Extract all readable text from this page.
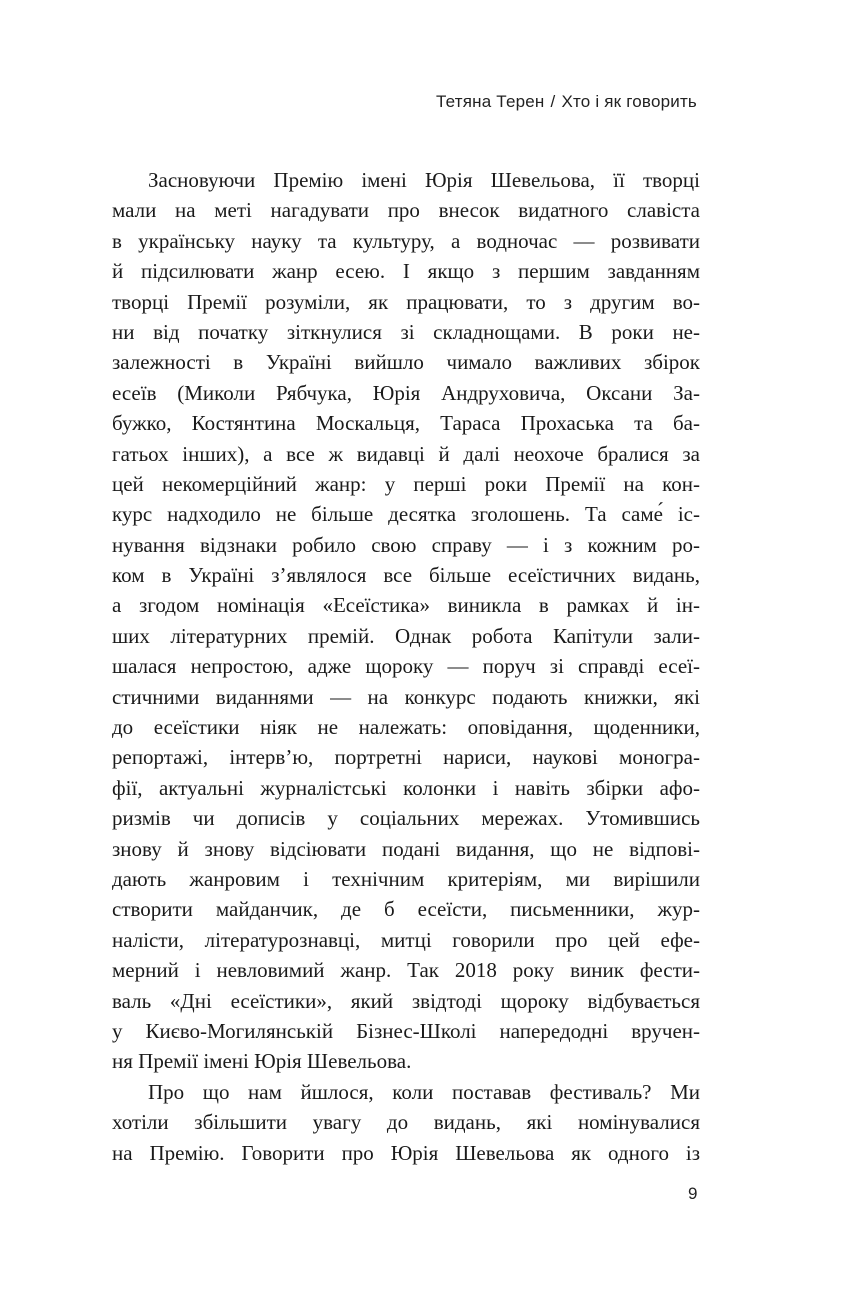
Тетяна Терен / Хто і як говорить
Засновуючи Премію імені Юрія Шевельова, її творці
мали на меті нагадувати про внесок видатного славіста
в українську науку та культуру, а водночас — розвивати
й підсилювати жанр есею. І якщо з першим завданням
творці Премії розуміли, як працювати, то з другим во-
ни від початку зіткнулися зі складнощами. В роки не-
залежності в Україні вийшло чимало важливих збірок
есеїв (Миколи Рябчука, Юрія Андруховича, Оксани За-
бужко, Костянтина Москальця, Тараса Прохаська та ба-
гатьох інших), а все ж видавці й далі неохоче бралися за
цей некомерційний жанр: у перші роки Премії на кон-
курс надходило не більше десятка зголошень. Та саме́ іс-
нування відзнаки робило свою справу — і з кожним ро-
ком в Україні з’являлося все більше есеїстичних видань,
а згодом номінація «Есеїстика» виникла в рамках й ін-
ших літературних премій. Однак робота Капітули зали-
шалася непростою, адже щороку — поруч зі справді есеї-
стичними виданнями — на конкурс подають книжки, які
до есеїстики ніяк не належать: оповідання, щоденники,
репортажі, інтерв’ю, портретні нариси, наукові моногра-
фії, актуальні журналістські колонки і навіть збірки афо-
ризмів чи дописів у соціальних мережах. Утомившись
знову й знову відсіювати подані видання, що не відпові-
дають жанровим і технічним критеріям, ми вирішили
створити майданчик, де б есеїсти, письменники, жур-
налісти, літературознавці, митці говорили про цей ефе-
мерний і невловимий жанр. Так 2018 року виник фести-
валь «Дні есеїстики», який звідтоді щороку відбувається
у Києво-Могилянській Бізнес-Школі напередодні вручен-
ня Премії імені Юрія Шевельова.
Про що нам йшлося, коли поставав фестиваль? Ми
хотіли збільшити увагу до видань, які номінувалися
на Премію. Говорити про Юрія Шевельова як одного із
9
